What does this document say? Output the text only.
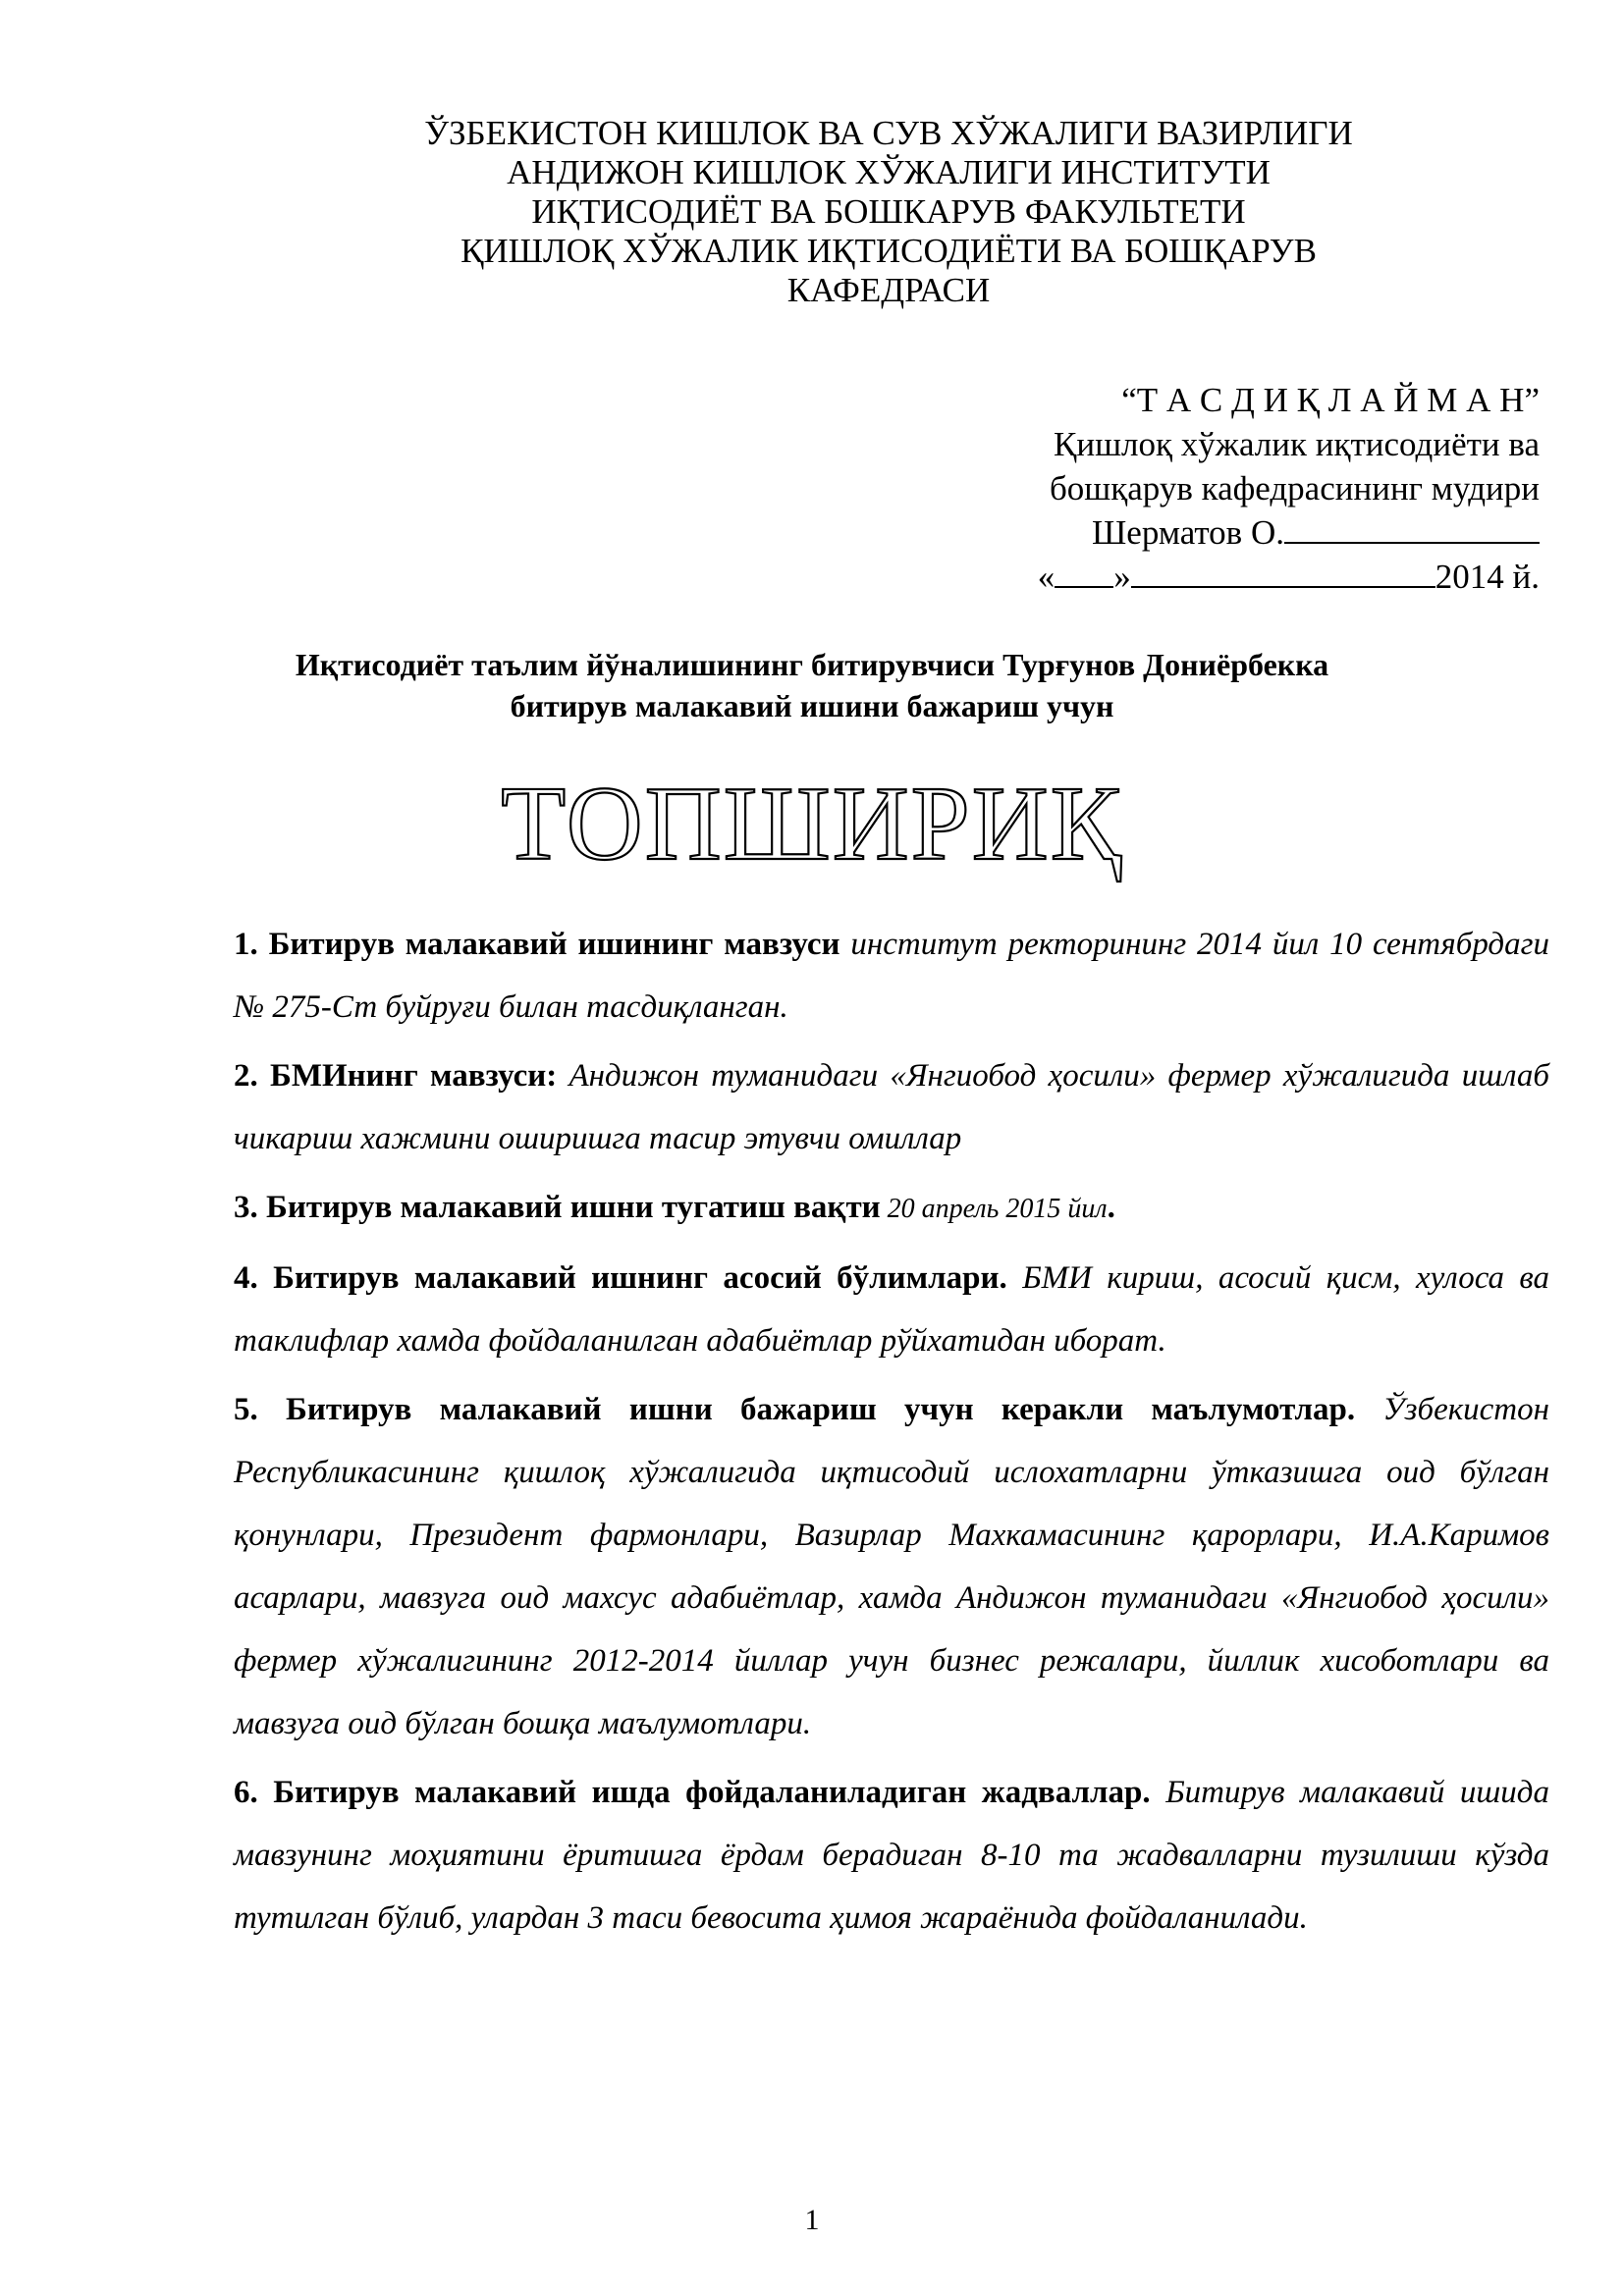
ЎЗБЕКИСТОН КИШЛОК ВА СУВ ХЎЖАЛИГИ ВАЗИРЛИГИ
АНДИЖОН КИШЛОК ХЎЖАЛИГИ ИНСТИТУТИ
ИҚТИСОДИЁТ ВА БОШКАРУВ ФАКУЛЬТЕТИ
ҚИШЛОҚ ХЎЖАЛИК ИҚТИСОДИЁТИ ВА БОШҚАРУВ
КАФЕДРАСИ
“Т А С Д И Қ Л А Й М А Н”
Қишлоқ хўжалик иқтисодиёти ва
бошқарув кафедрасининг мудири
Шерматов О.
« »	2014 й.
Иқтисодиёт таълим йўналишининг битирувчиси Турғунов Дониёрбекка
битирув малакавий ишини бажариш учун
ТОПШИРИҚ
1. Битирув малакавий ишининг мавзуси институт ректорининг 2014 йил 10 сентябрдаги № 275-Ст буйруғи билан тасдиқланган.
2. БМИнинг мавзуси: Андижон туманидаги «Янгиобод ҳосили» фермер хўжалигида ишлаб чикариш хажмини оширишга тасир этувчи омиллар
3. Битирув малакавий ишни тугатиш вақти 20 апрель 2015 йил.
4. Битирув малакавий ишнинг асосий бўлимлари. БМИ кириш, асосий қисм, хулоса ва таклифлар хамда фойдаланилган адабиётлар рўйхатидан иборат.
5. Битирув малакавий ишни бажариш учун керакли маълумотлар. Ўзбекистон Республикасининг қишлоқ хўжалигида иқтисодий ислохатларни ўтказишга оид бўлган қонунлари, Президент фармонлари, Вазирлар Махкамасининг қарорлари, И.А.Каримов асарлари, мавзуга оид махсус адабиётлар, хамда Андижон туманидаги «Янгиобод ҳосили» фермер хўжалигининг 2012-2014 йиллар учун бизнес режалари, йиллик хисоботлари ва мавзуга оид бўлган бошқа маълумотлари.
6. Битирув малакавий ишда фойдаланиладиган жадваллар. Битирув малакавий ишида мавзунинг моҳиятини ёритишга ёрдам берадиган 8-10 та жадвалларни тузилиши кўзда тутилган бўлиб, улардан 3 таси бевосита ҳимоя жараёнида фойдаланилади.
1
